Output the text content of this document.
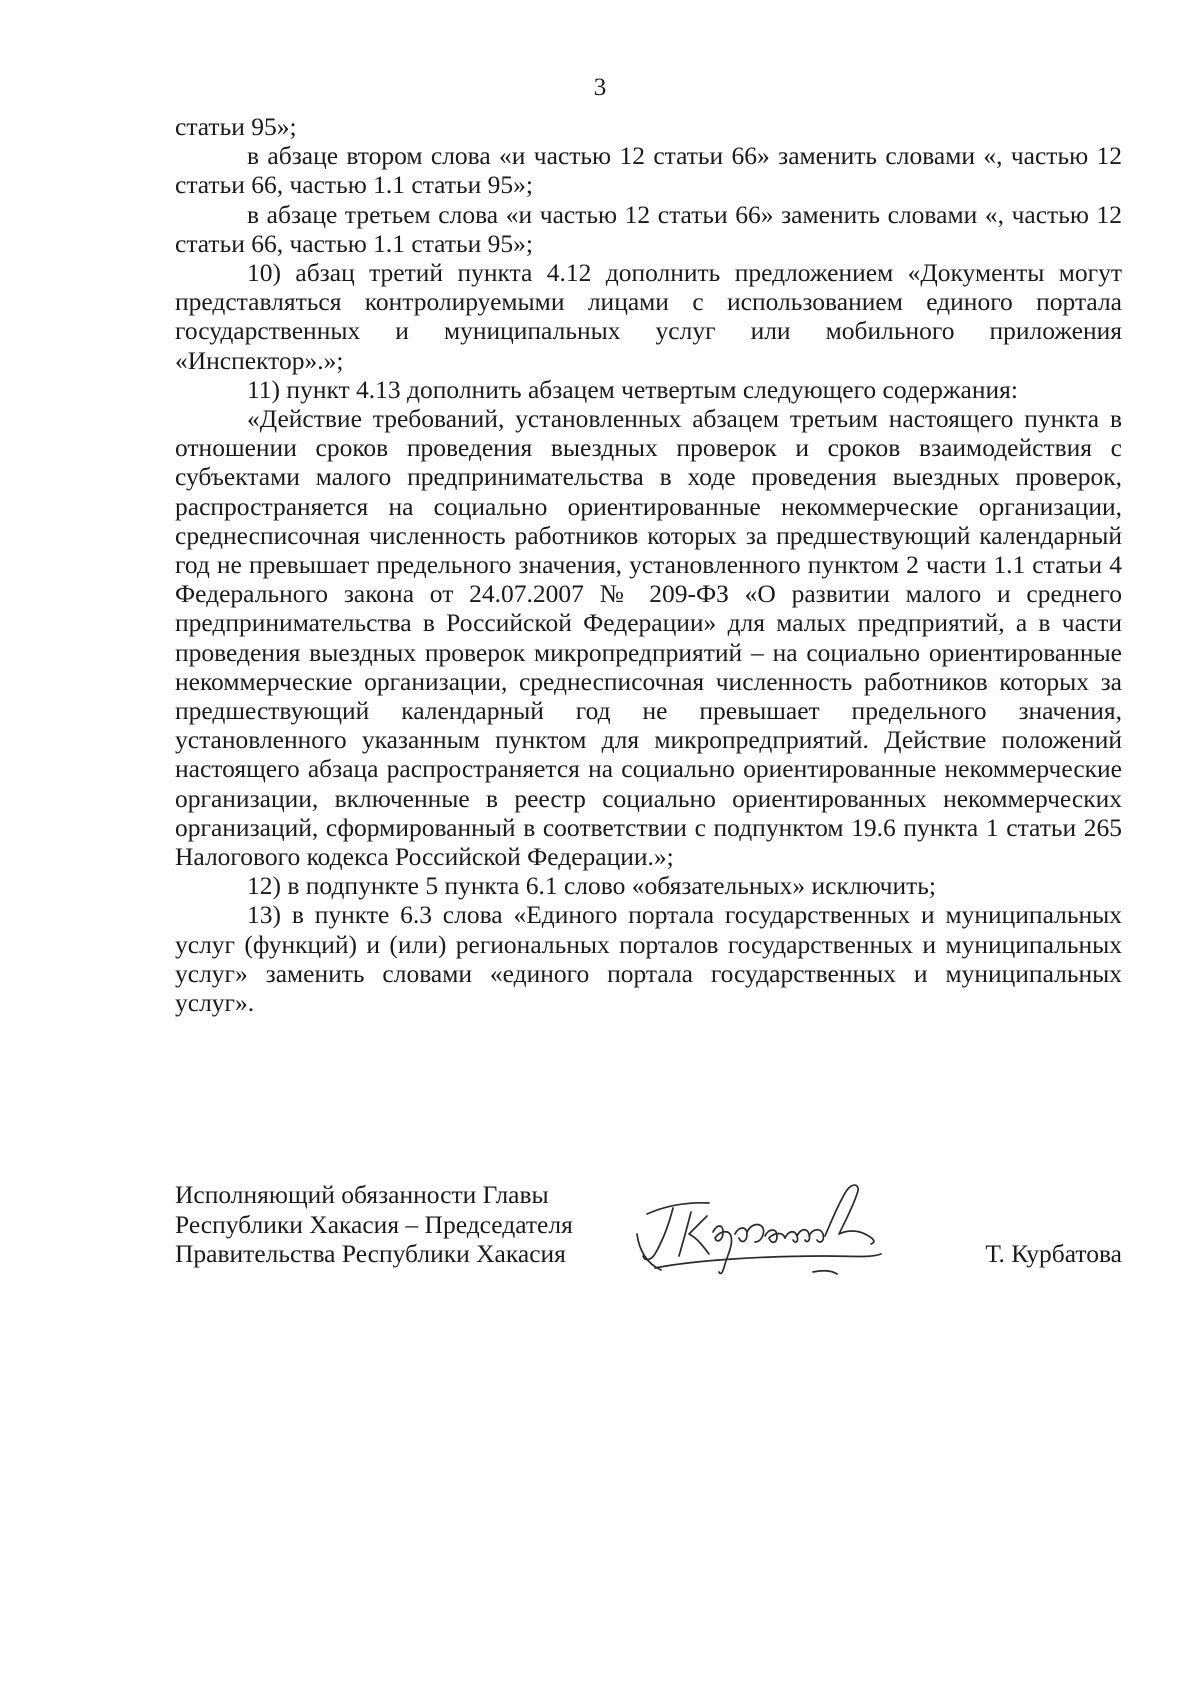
3

статьи 95»;

в абзаце втором слова «и частью 12 статьи 66» заменить словами «, частью 12 статьи 66, частью 1.1 статьи 95»;

в абзаце третьем слова «и частью 12 статьи 66» заменить словами «, частью 12 статьи 66, частью 1.1 статьи 95»;

10) абзац третий пункта 4.12 дополнить предложением «Документы могут представляться контролируемыми лицами с использованием единого портала государственных и муниципальных услуг или мобильного приложения «Инспектор».»;

11) пункт 4.13 дополнить абзацем четвертым следующего содержания:

«Действие требований, установленных абзацем третьим настоящего пункта в отношении сроков проведения выездных проверок и сроков взаимодействия с субъектами малого предпринимательства в ходе проведения выездных проверок, распространяется на социально ориентированные некоммерческие организации, среднесписочная численность работников которых за предшествующий календарный год не превышает предельного значения, установленного пунктом 2 части 1.1 статьи 4 Федерального закона от 24.07.2007 № 209-ФЗ «О развитии малого и среднего предпринимательства в Российской Федерации» для малых предприятий, а в части проведения выездных проверок микропредприятий – на социально ориентированные некоммерческие организации, среднесписочная численность работников которых за предшествующий календарный год не превышает предельного значения, установленного указанным пунктом для микропредприятий. Действие положений настоящего абзаца распространяется на социально ориентированные некоммерческие организации, включенные в реестр социально ориентированных некоммерческих организаций, сформированный в соответствии с подпунктом 19.6 пункта 1 статьи 265 Налогового кодекса Российской Федерации.»;

12) в подпункте 5 пункта 6.1 слово «обязательных» исключить;

13) в пункте 6.3 слова «Единого портала государственных и муниципальных услуг (функций) и (или) региональных порталов государственных и муниципальных услуг» заменить словами «единого портала государственных и муниципальных услуг».

Исполняющий обязанности Главы
Республики Хакасия – Председателя
Правительства Республики Хакасия	Т. Курбатова
